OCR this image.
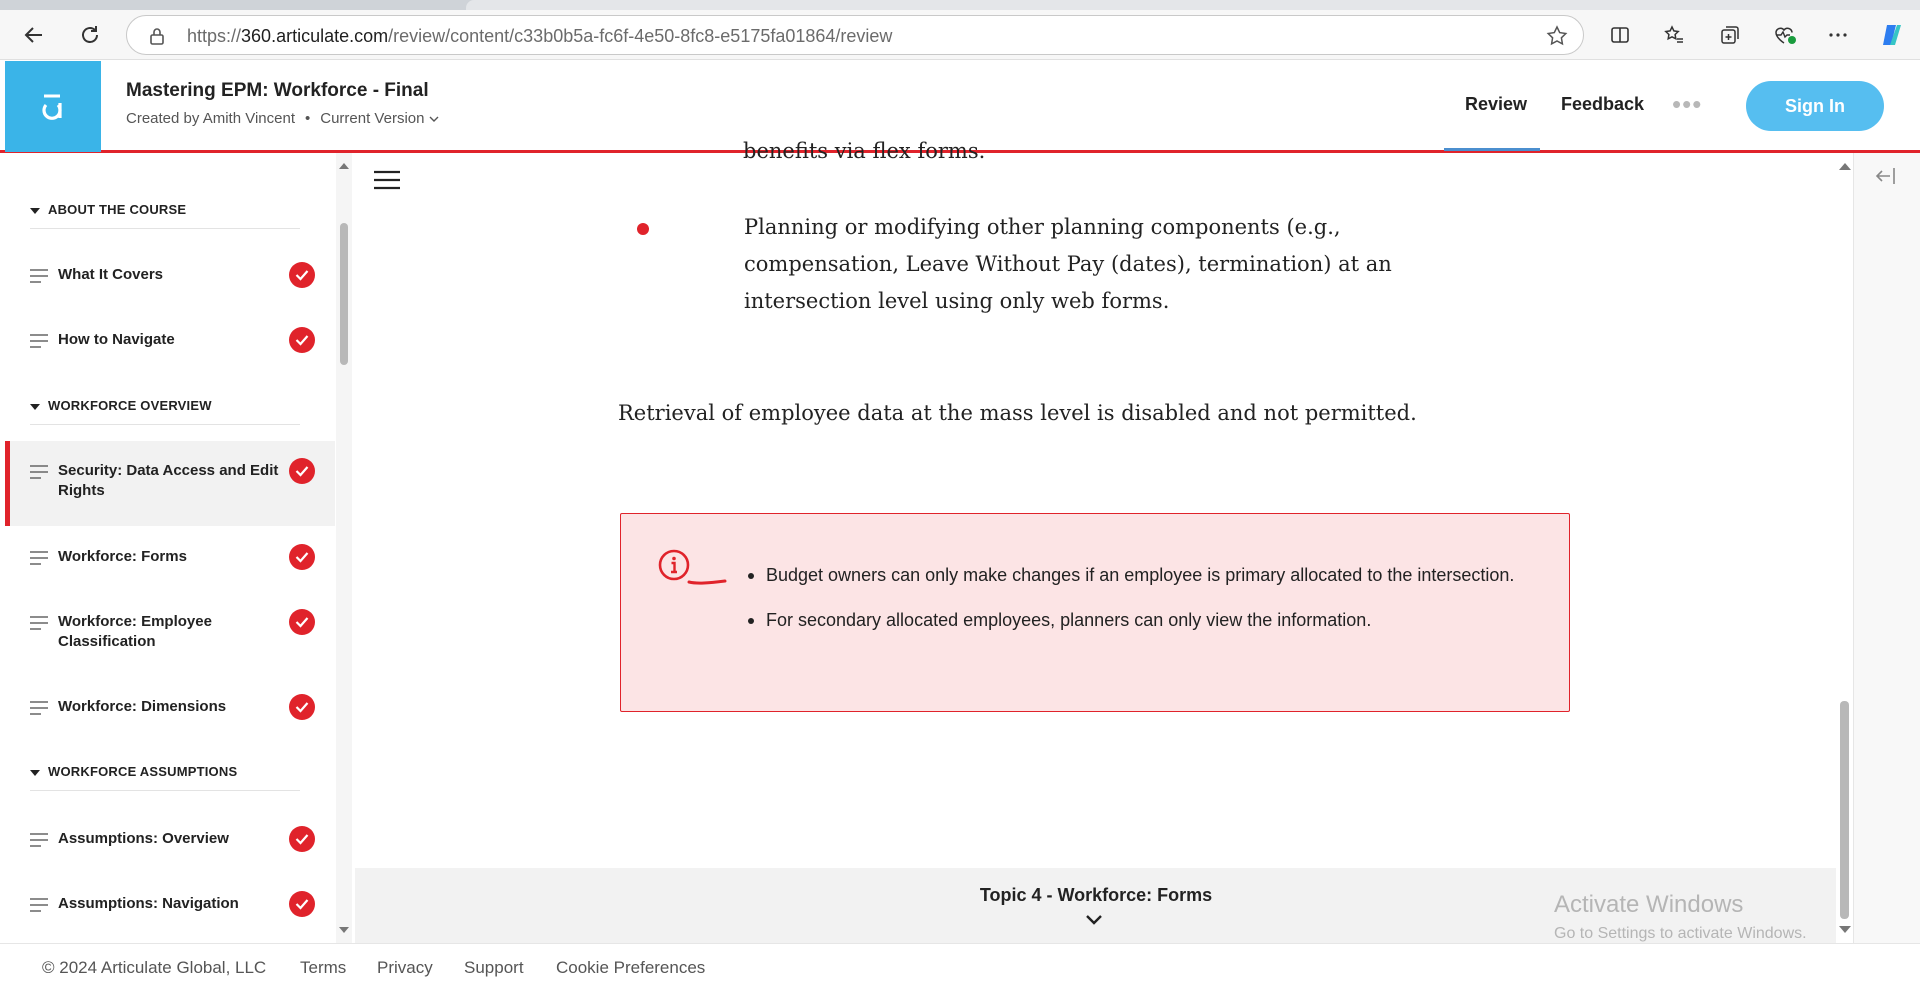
https://360.articulate.com/review/content/c33b0b5a-fc6f-4e50-8fc8-e5175fa01864/review
Mastering EPM: Workforce - Final
Created by Amith Vincent • Current Version
Review Feedback •••	Sign In
ABOUT THE COURSE
What It Covers
How to Navigate
WORKFORCE OVERVIEW
Security: Data Access and Edit Rights
Workforce: Forms
Workforce: Employee Classification
Workforce: Dimensions
WORKFORCE ASSUMPTIONS
Assumptions: Overview
Assumptions: Navigation
benefits via flex forms.
Planning or modifying other planning components (e.g., compensation, Leave Without Pay (dates), termination) at an intersection level using only web forms.
Retrieval of employee data at the mass level is disabled and not permitted.
Budget owners can only make changes if an employee is primary allocated to the intersection.
For secondary allocated employees, planners can only view the information.
Topic 4 - Workforce: Forms	Activate Windows
Go to Settings to activate Windows.
© 2024 Articulate Global, LLC Terms Privacy Support Cookie Preferences
